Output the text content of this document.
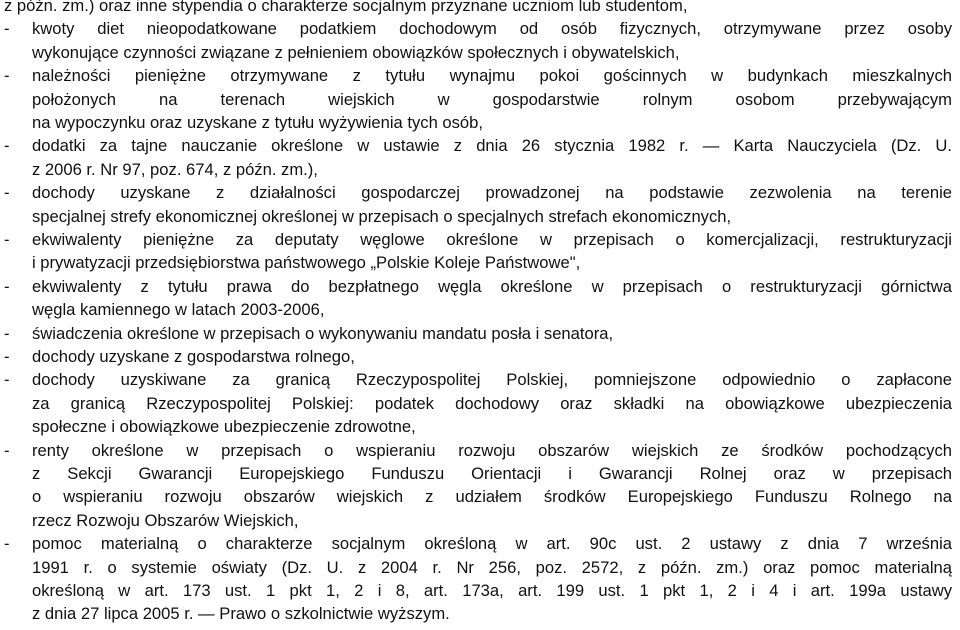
z późn. zm.) oraz inne stypendia o charakterze socjalnym przyznane uczniom lub studentom,
-	kwoty diet nieopodatkowane podatkiem dochodowym od osób fizycznych, otrzymywane przez osoby
wykonujące czynności związane z pełnieniem obowiązków społecznych i obywatelskich,
-	należności pieniężne otrzymywane z tytułu wynajmu pokoi gościnnych w budynkach mieszkalnych
położonych na terenach wiejskich w gospodarstwie rolnym osobom przebywającym
na wypoczynku oraz uzyskane z tytułu wyżywienia tych osób,
-	dodatki za tajne nauczanie określone w ustawie z dnia 26 stycznia 1982 r. — Karta Nauczyciela (Dz. U.
z 2006 r. Nr 97, poz. 674, z późn. zm.),
-	dochody uzyskane z działalności gospodarczej prowadzonej na podstawie zezwolenia na terenie
specjalnej strefy ekonomicznej określonej w przepisach o specjalnych strefach ekonomicznych,
-	ekwiwalenty pieniężne za deputaty węglowe określone w przepisach o komercjalizacji, restrukturyzacji
i prywatyzacji przedsiębiorstwa państwowego „Polskie Koleje Państwowe",
-	ekwiwalenty z tytułu prawa do bezpłatnego węgla określone w przepisach o restrukturyzacji górnictwa
węgla kamiennego w latach 2003-2006,
-	świadczenia określone w przepisach o wykonywaniu mandatu posła i senatora,
-	dochody uzyskane z gospodarstwa rolnego,
-	dochody uzyskiwane za granicą Rzeczypospolitej Polskiej, pomniejszone odpowiednio o zapłacone
za granicą Rzeczypospolitej Polskiej: podatek dochodowy oraz składki na obowiązkowe ubezpieczenia
społeczne i obowiązkowe ubezpieczenie zdrowotne,
-	renty określone w przepisach o wspieraniu rozwoju obszarów wiejskich ze środków pochodzących
z Sekcji Gwarancji Europejskiego Funduszu Orientacji i Gwarancji Rolnej oraz w przepisach
o wspieraniu rozwoju obszarów wiejskich z udziałem środków Europejskiego Funduszu Rolnego na
rzecz Rozwoju Obszarów Wiejskich,
-	pomoc materialną o charakterze socjalnym określoną w art. 90c ust. 2 ustawy z dnia 7 września
1991 r. o systemie oświaty (Dz. U. z 2004 r. Nr 256, poz. 2572, z późn. zm.) oraz pomoc materialną
określoną w art. 173 ust. 1 pkt 1, 2 i 8, art. 173a, art. 199 ust. 1 pkt 1, 2 i 4 i art. 199a ustawy
z dnia 27 lipca 2005 r. — Prawo o szkolnictwie wyższym.
